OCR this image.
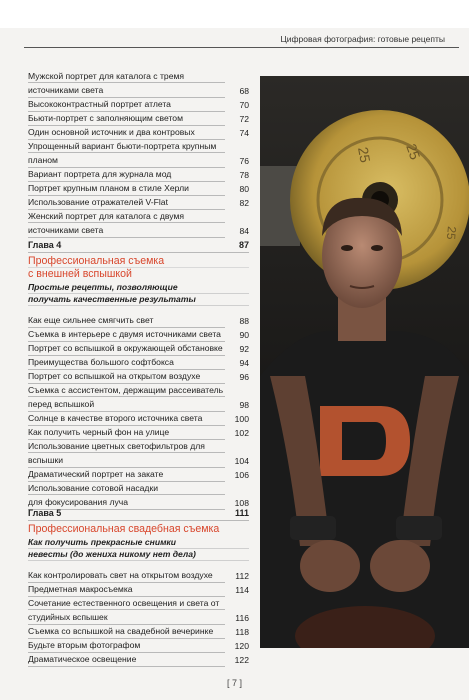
Цифровая фотография: готовые рецепты
Мужской портрет для каталога с тремя
источниками света	68
Высококонтрастный портрет атлета	70
Бьюти-портрет с заполняющим светом	72
Один основной источник и два контровых	74
Упрощенный вариант бьюти-портрета крупным
планом	76
Вариант портрета для журнала мод	78
Портрет крупным планом в стиле Херли	80
Использование отражателей V-Flat	82
Женский портрет для каталога с двумя
источниками света	84
Глава 4	87
Профессиональная съемка
с внешней вспышкой
Простые рецепты, позволяющие
получать качественные результаты
Как еще сильнее смягчить свет	88
Съемка в интерьере с двумя источниками света	90
Портрет со вспышкой в окружающей обстановке 92
Преимущества большого софтбокса	94
Портрет со вспышкой на открытом воздухе	96
Съемка с ассистентом, держащим рассеиватель
перед вспышкой	98
Солнце в качестве второго источника света	100
Как получить черный фон на улице	102
Использование цветных светофильтров для
вспышки	104
Драматический портрет на закате	106
Использование сотовой насадки
для фокусирования луча	108
Глава 5	111
Профессиональная свадебная съемка
Как получить прекрасные снимки
невесты (до жениха никому нет дела)
Как контролировать свет на открытом воздухе	112
Предметная макросъемка	114
Сочетание естественного освещения и света от
студийных вспышек	116
Съемка со вспышкой на свадебной вечеринке	118
Будьте вторым фотографом	120
Драматическое освещение	122
25
25
25
[ 7 ]
